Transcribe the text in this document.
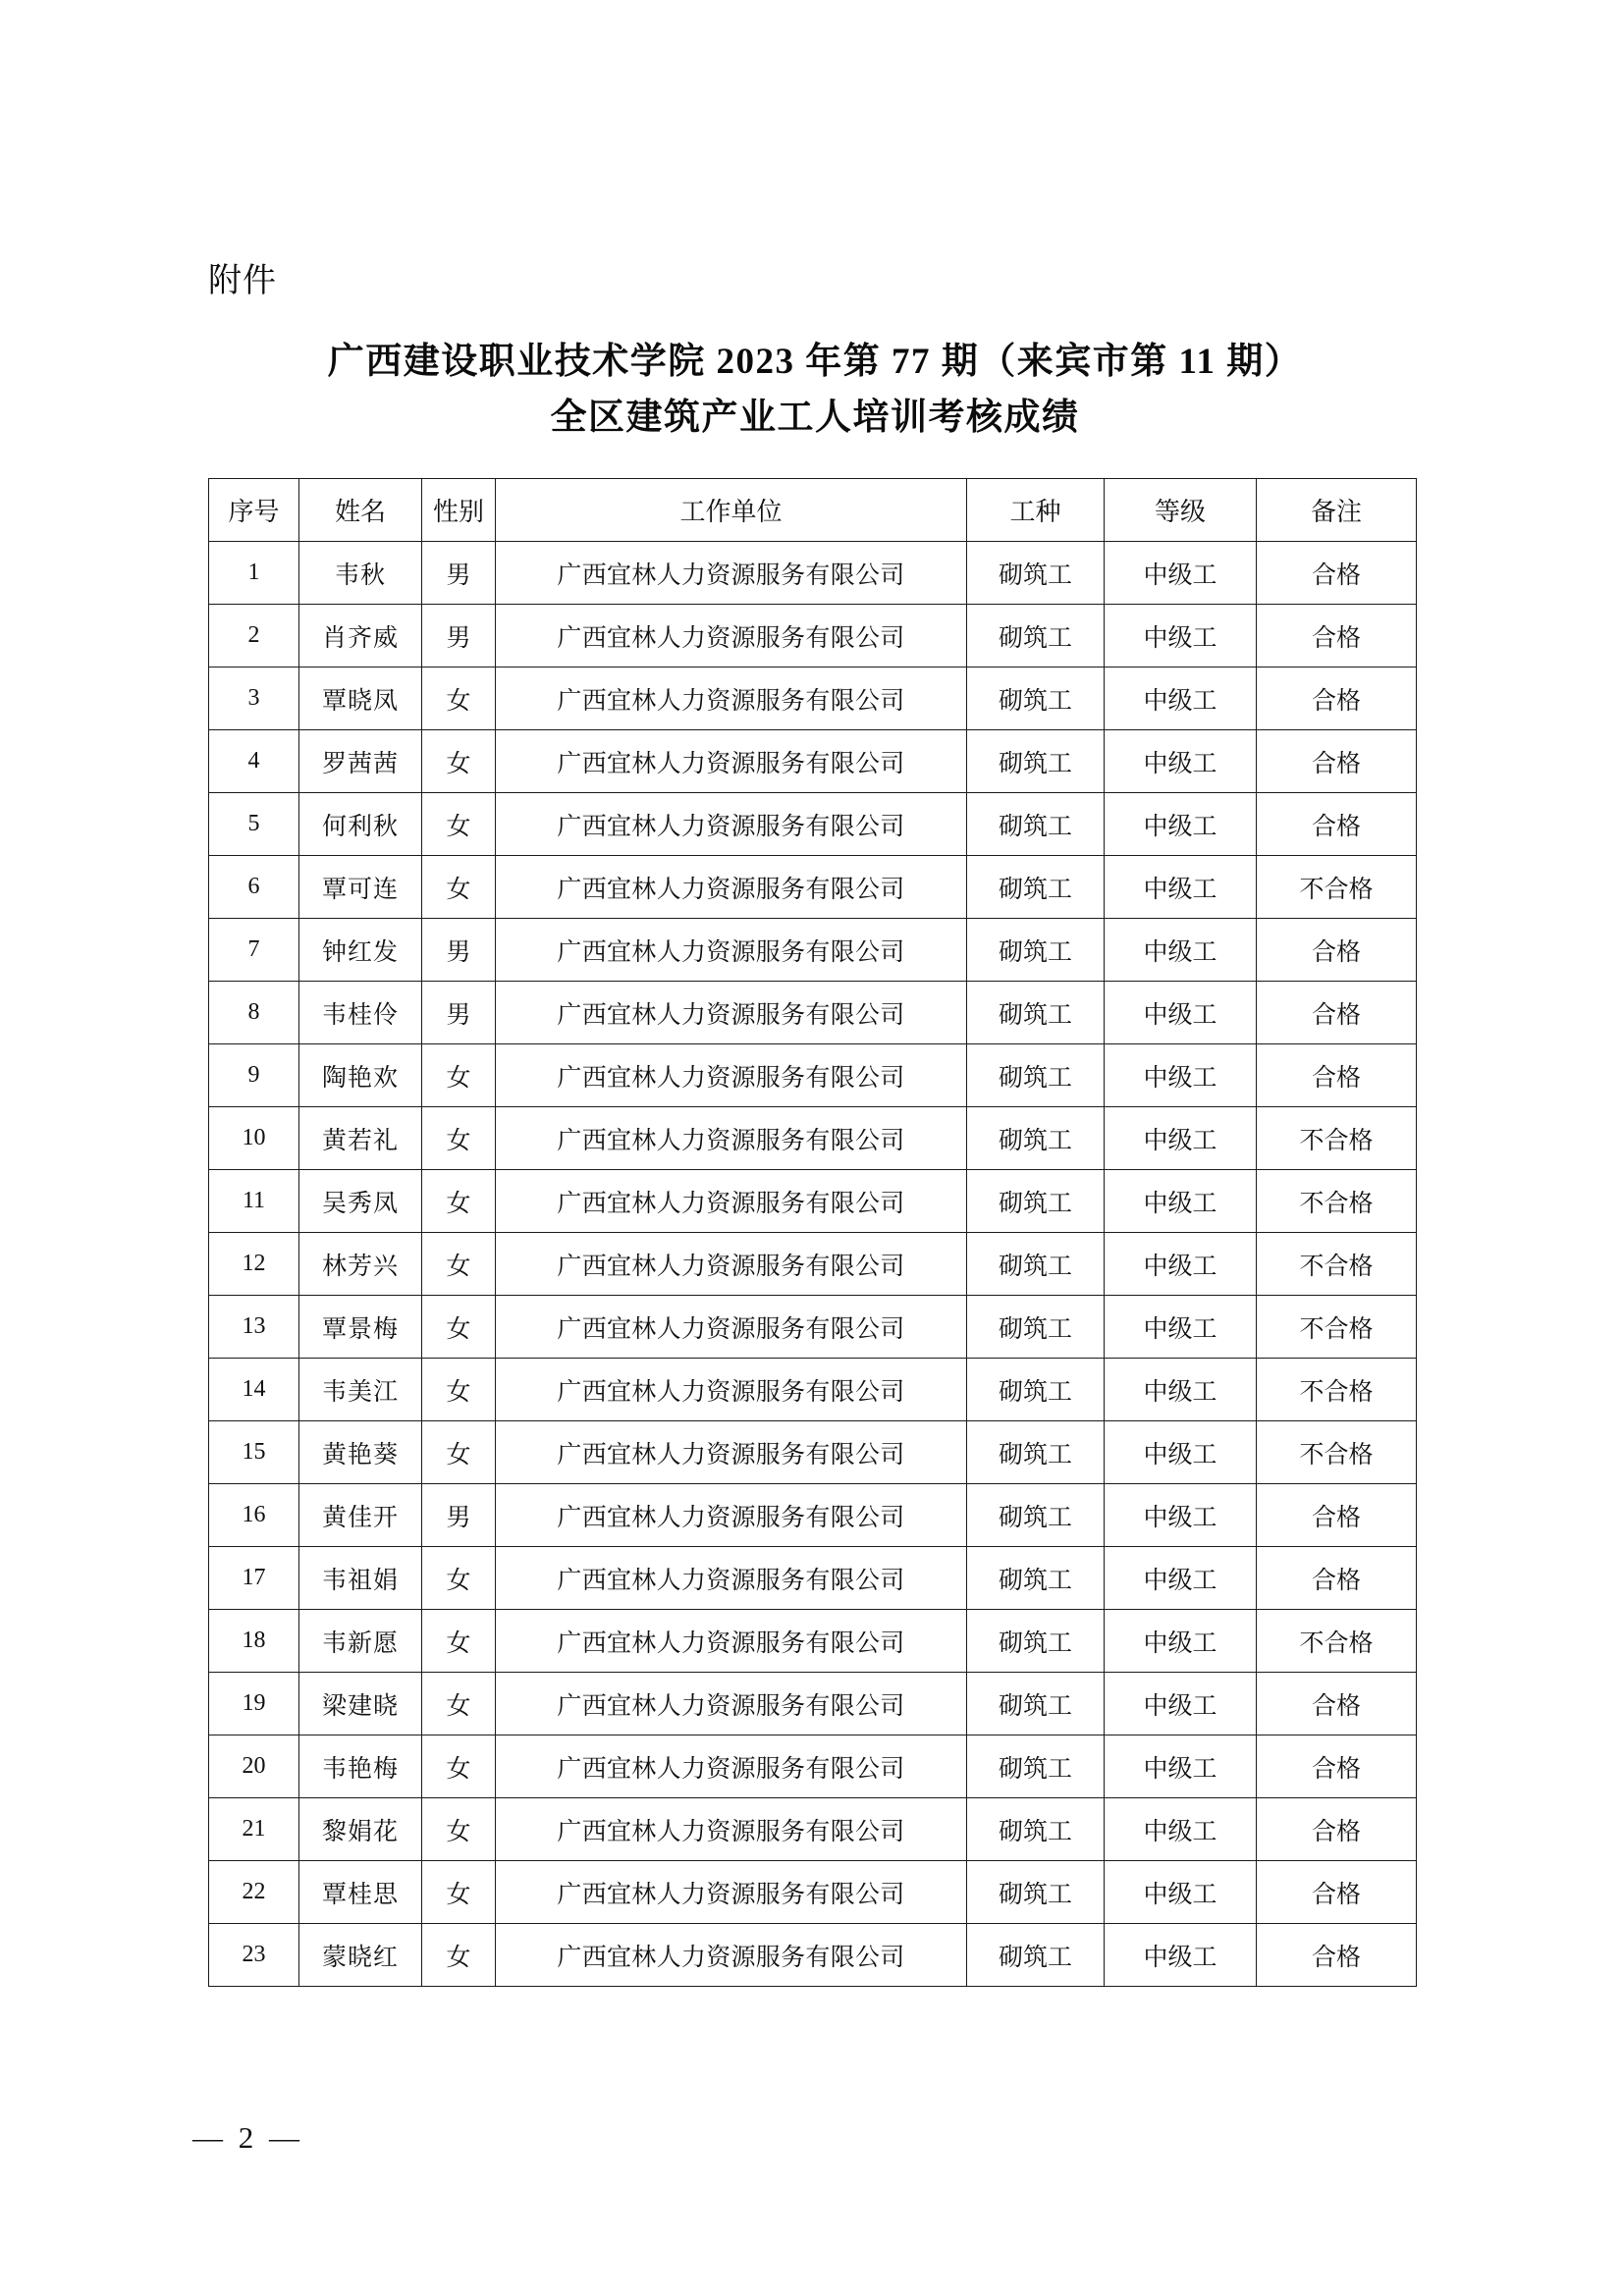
附件
广西建设职业技术学院 2023 年第 77 期（来宾市第 11 期）
全区建筑产业工人培训考核成绩
序号	姓名	性别	工作单位	工种	等级	备注
1	韦秋	男	广西宜林人力资源服务有限公司	砌筑工	中级工	合格
2	肖齐威	男	广西宜林人力资源服务有限公司	砌筑工	中级工	合格
3	覃晓凤	女	广西宜林人力资源服务有限公司	砌筑工	中级工	合格
4	罗茜茜	女	广西宜林人力资源服务有限公司	砌筑工	中级工	合格
5	何利秋	女	广西宜林人力资源服务有限公司	砌筑工	中级工	合格
6	覃可连	女	广西宜林人力资源服务有限公司	砌筑工	中级工	不合格
7	钟红发	男	广西宜林人力资源服务有限公司	砌筑工	中级工	合格
8	韦桂伶	男	广西宜林人力资源服务有限公司	砌筑工	中级工	合格
9	陶艳欢	女	广西宜林人力资源服务有限公司	砌筑工	中级工	合格
10	黄若礼	女	广西宜林人力资源服务有限公司	砌筑工	中级工	不合格
11	吴秀凤	女	广西宜林人力资源服务有限公司	砌筑工	中级工	不合格
12	林芳兴	女	广西宜林人力资源服务有限公司	砌筑工	中级工	不合格
13	覃景梅	女	广西宜林人力资源服务有限公司	砌筑工	中级工	不合格
14	韦美江	女	广西宜林人力资源服务有限公司	砌筑工	中级工	不合格
15	黄艳葵	女	广西宜林人力资源服务有限公司	砌筑工	中级工	不合格
16	黄佳开	男	广西宜林人力资源服务有限公司	砌筑工	中级工	合格
17	韦祖娟	女	广西宜林人力资源服务有限公司	砌筑工	中级工	合格
18	韦新愿	女	广西宜林人力资源服务有限公司	砌筑工	中级工	不合格
19	梁建晓	女	广西宜林人力资源服务有限公司	砌筑工	中级工	合格
20	韦艳梅	女	广西宜林人力资源服务有限公司	砌筑工	中级工	合格
21	黎娟花	女	广西宜林人力资源服务有限公司	砌筑工	中级工	合格
22	覃桂思	女	广西宜林人力资源服务有限公司	砌筑工	中级工	合格
23	蒙晓红	女	广西宜林人力资源服务有限公司	砌筑工	中级工	合格
— 2 —
